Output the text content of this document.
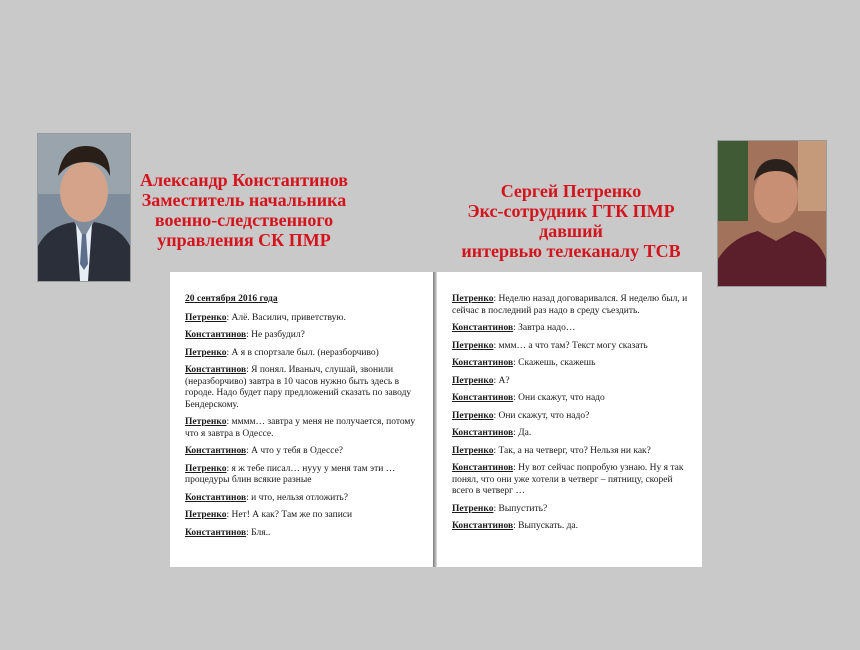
Александр Константинов
Заместитель начальника
военно-следственного
управления СК ПМР
Сергей Петренко
Экс-сотрудник ГТК ПМР давший
интервью телеканалу ТСВ
20 сентября 2016 года
Петренко: Алё. Василич, приветствую.
Константинов: Не разбудил?
Петренко: А я в спортзале был. (неразборчиво)
Константинов: Я понял. Иваныч, слушай, звонили (неразборчиво) завтра в 10 часов нужно быть здесь в городе. Надо будет пару предложений сказать по заводу Бендерскому.
Петренко: мммм… завтра у меня не получается, потому что я завтра в Одессе.
Константинов: А что у тебя в Одессе?
Петренко: я ж тебе писал… нууу у меня там эти … процедуры блин всякие разные
Константинов: и что, нельзя отложить?
Петренко: Нет! А как? Там же по записи
Константинов: Бля..
Петренко: Неделю назад договаривался. Я неделю был, и сейчас в последний раз надо в среду съездить.
Константинов: Завтра надо…
Петренко: ммм… а что там? Текст могу сказать
Константинов: Скажешь, скажешь
Петренко: А?
Константинов: Они скажут, что надо
Петренко: Они скажут, что надо?
Константинов: Да.
Петренко: Так, а на четверг, что? Нельзя ни как?
Константинов: Ну вот сейчас попробую узнаю. Ну я так понял, что они уже хотели в четверг – пятницу, скорей всего в четверг …
Петренко: Выпустить?
Константинов: Выпускать. да.
